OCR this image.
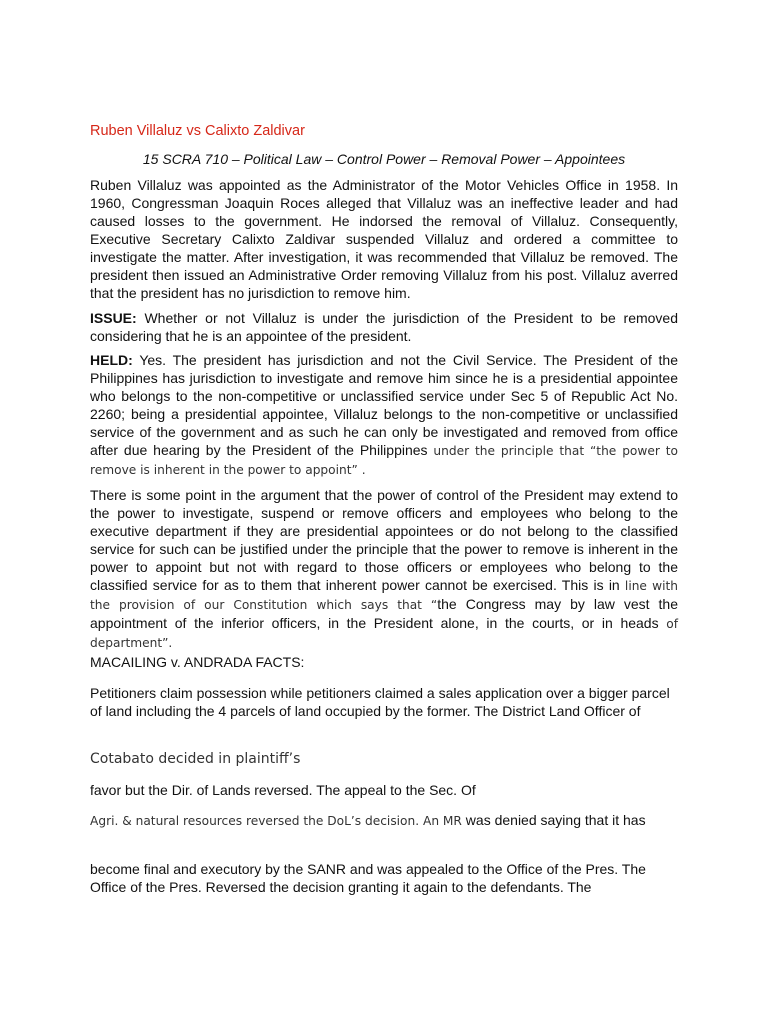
Ruben Villaluz vs Calixto Zaldivar
15 SCRA 710 – Political Law – Control Power – Removal Power – Appointees

Ruben Villaluz was appointed as the Administrator of the Motor Vehicles Office in 1958. In 1960, Congressman Joaquin Roces alleged that Villaluz was an ineffective leader and had caused losses to the government. He indorsed the removal of Villaluz. Consequently, Executive Secretary Calixto Zaldivar suspended Villaluz and ordered a committee to investigate the matter. After investigation, it was recommended that Villaluz be removed. The president then issued an Administrative Order removing Villaluz from his post. Villaluz averred that the president has no jurisdiction to remove him.

ISSUE: Whether or not Villaluz is under the jurisdiction of the President to be removed considering that he is an appointee of the president.

HELD: Yes. The president has jurisdiction and not the Civil Service. The President of the Philippines has jurisdiction to investigate and remove him since he is a presidential appointee who belongs to the non-competitive or unclassified service under Sec 5 of Republic Act No. 2260; being a presidential appointee, Villaluz belongs to the non-competitive or unclassified service of the government and as such he can only be investigated and removed from office after due hearing by the President of the Philippines under the principle that “the power to remove is inherent in the power to appoint” .

There is some point in the argument that the power of control of the President may extend to the power to investigate, suspend or remove officers and employees who belong to the executive department if they are presidential appointees or do not belong to the classified service for such can be justified under the principle that the power to remove is inherent in the power to appoint but not with regard to those officers or employees who belong to the classified service for as to them that inherent power cannot be exercised. This is in line with the provision of our Constitution which says that “the Congress may by law vest the appointment of the inferior officers, in the President alone, in the courts, or in heads of department”.

MACAILING v. ANDRADA FACTS:

Petitioners claim possession while petitioners claimed a sales application over a bigger parcel of land including the 4 parcels of land occupied by the former. The District Land Officer of

Cotabato decided in plaintiff’s

favor but the Dir. of Lands reversed. The appeal to the Sec. Of

Agri. & natural resources reversed the DoL’s decision. An MR was denied saying that it has

become final and executory by the SANR and was appealed to the Office of the Pres. The Office of the Pres. Reversed the decision granting it again to the defendants. The
